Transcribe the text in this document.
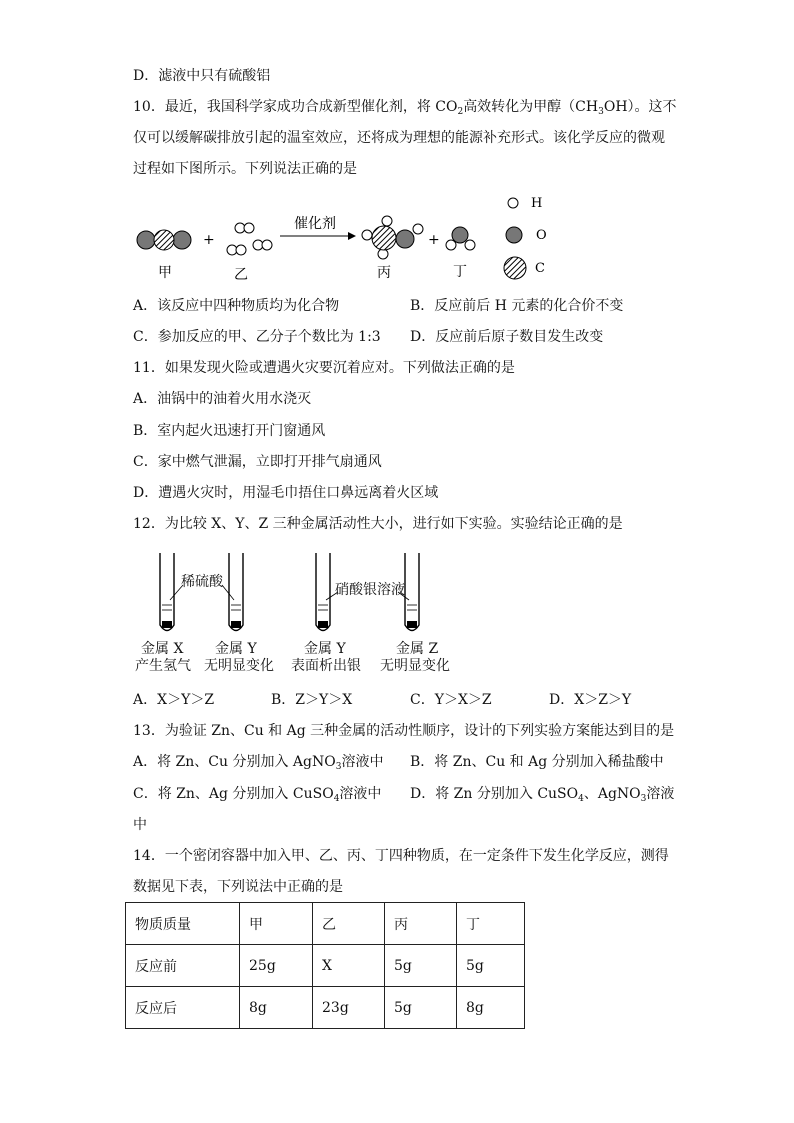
D．滤液中只有硫酸铝
10．最近，我国科学家成功合成新型催化剂，将 $CO_2$高效转化为甲醇$(CH_3OH)$。这不
仅可以缓解碳排放引起的温室效应，还将成为理想的能源补充形式。该化学反应的微观
过程如下图所示。下列说法正确的是
+
催化剂
+
H
O
C
甲	乙	丙	丁
A．该反应中四种物质均为化合物	B．反应前后 H 元素的化合价不变
C．参加反应的甲、乙分子个数比为 1:3 D．反应前后原子数目发生改变
11．如果发现火险或遭遇火灾要沉着应对。下列做法正确的是
A．油锅中的油着火用水浇灭
B．室内起火迅速打开门窗通风
C．家中燃气泄漏，立即打开排气扇通风
D．遭遇火灾时，用湿毛巾捂住口鼻远离着火区域
12．为比较 X、Y、Z 三种金属活动性大小，进行如下实验。实验结论正确的是
稀硫酸	硝酸银溶液
金属 X
产生氢气
金属 Y
无明显变化
金属 Y
表面析出银
金属 Z
无明显变化
A．X＞Y＞Z	B．Z＞Y＞X	C．Y＞X＞Z	D．X＞Z＞Y
13．为验证 Zn、Cu 和 Ag 三种金属的活动性顺序，设计的下列实验方案能达到目的是
A．将 Zn、Cu 分别加入 AgNO$_3$溶液中 B．将 Zn、Cu 和 Ag 分别加入稀盐酸中
C．将 Zn、Ag 分别加入 CuSO$_4$溶液中 D．将 Zn 分别加入 CuSO$_4$、AgNO$_3$溶液
中
14．一个密闭容器中加入甲、乙、丙、丁四种物质，在一定条件下发生化学反应，测得
数据见下表，下列说法中正确的是
物质质量	甲	乙	丙	丁
反应前	25g	X	5g	5g
反应后	8g	23g	5g	8g
